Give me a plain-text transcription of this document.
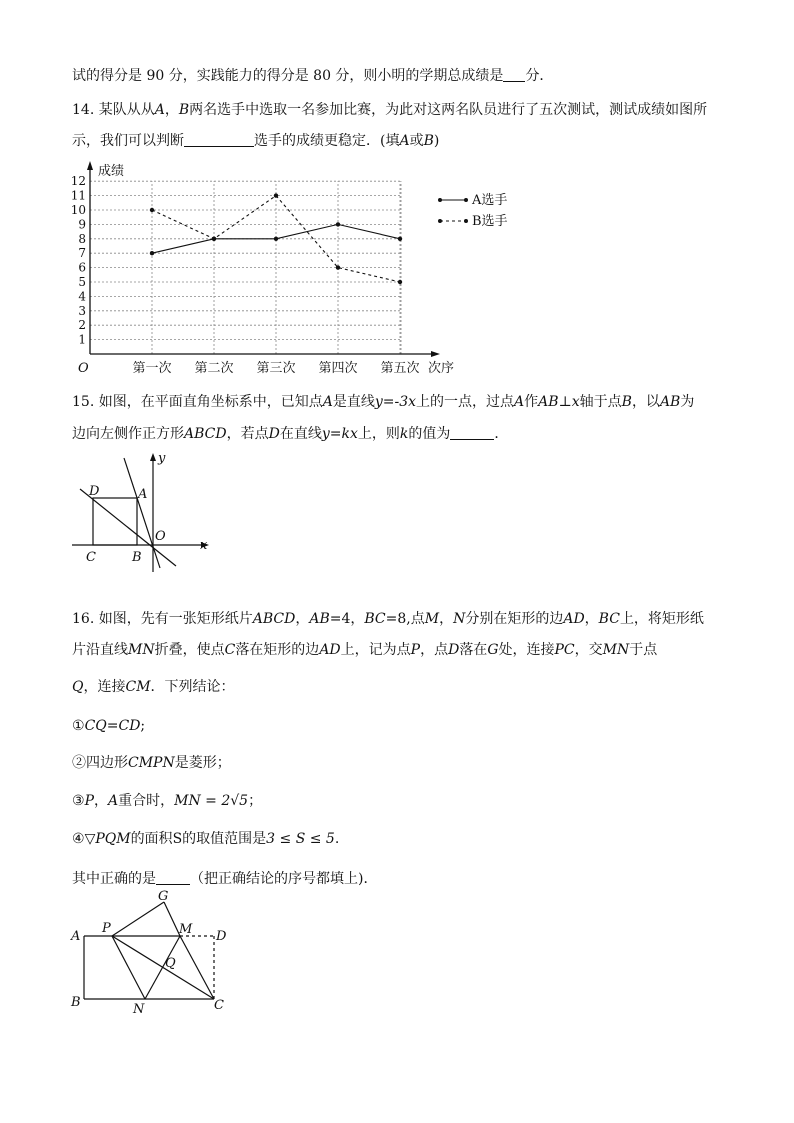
试的得分是 90 分，实践能力的得分是 80 分，则小明的学期总成绩是 分．
14. 某队从从A，B两名选手中选取一名参加比赛，为此对这两名队员进行了五次测试，测试成绩如图所
示，我们可以判断	选手的成绩更稳定．(填A或B)
1
2
3
4
5
6
7
8
9
10
11
12
第一次 第二次 第三次 第四次 第五次
成绩
次序
O
A选手
B选手
15. 如图，在平面直角坐标系中，已知点A是直线y=-3x上的一点，过点A作AB⊥x轴于点B，以AB为
边向左侧作正方形ABCD，若点D在直线y=kx上，则k的值为	．
y
x
D	A
O
C	B
16. 如图，先有一张矩形纸片ABCD，AB=4，BC=8,点M，N分别在矩形的边AD，BC上，将矩形纸
片沿直线MN折叠，使点C落在矩形的边AD上，记为点P，点D落在G处，连接PC，交MN于点
Q，连接CM．下列结论：
①CQ=CD;
②四边形CMPN是菱形；
③P，A重合时，MN = 2√5；
④▽PQM的面积S的取值范围是3 ≤ S ≤ 5.
其中正确的是 （把正确结论的序号都填上)．
G
A
P	M D
Q
B	N	C
